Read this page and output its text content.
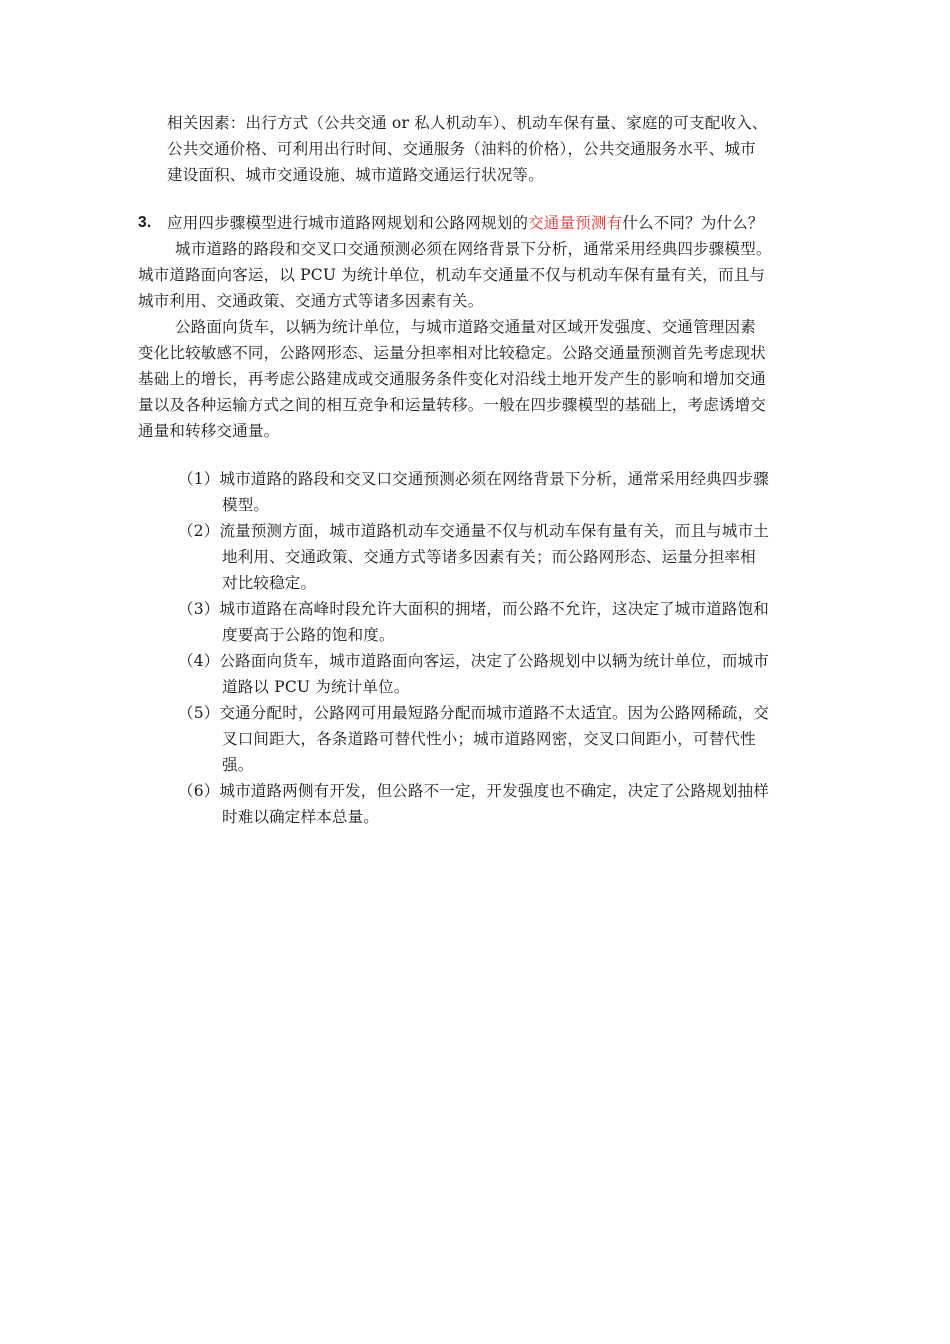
相关因素：出行方式（公共交通 or 私人机动车）、机动车保有量、家庭的可支配收入、
公共交通价格、可利用出行时间、交通服务（油料的价格），公共交通服务水平、城市
建设面积、城市交通设施、城市道路交通运行状况等。
3. 应用四步骤模型进行城市道路网规划和公路网规划的交通量预测有什么不同？为什么？
城市道路的路段和交叉口交通预测必须在网络背景下分析，通常采用经典四步骤模型。
城市道路面向客运，以 PCU 为统计单位，机动车交通量不仅与机动车保有量有关，而且与
城市利用、交通政策、交通方式等诸多因素有关。
公路面向货车，以辆为统计单位，与城市道路交通量对区域开发强度、交通管理因素
变化比较敏感不同，公路网形态、运量分担率相对比较稳定。公路交通量预测首先考虑现状
基础上的增长，再考虑公路建成或交通服务条件变化对沿线土地开发产生的影响和增加交通
量以及各种运输方式之间的相互竞争和运量转移。一般在四步骤模型的基础上，考虑诱增交
通量和转移交通量。
（1）城市道路的路段和交叉口交通预测必须在网络背景下分析，通常采用经典四步骤
模型。
（2）流量预测方面，城市道路机动车交通量不仅与机动车保有量有关，而且与城市土
地利用、交通政策、交通方式等诸多因素有关；而公路网形态、运量分担率相
对比较稳定。
（3）城市道路在高峰时段允许大面积的拥堵，而公路不允许，这决定了城市道路饱和
度要高于公路的饱和度。
（4）公路面向货车，城市道路面向客运，决定了公路规划中以辆为统计单位，而城市
道路以 PCU 为统计单位。
（5）交通分配时，公路网可用最短路分配而城市道路不太适宜。因为公路网稀疏，交
叉口间距大，各条道路可替代性小；城市道路网密，交叉口间距小，可替代性
强。
（6）城市道路两侧有开发，但公路不一定，开发强度也不确定，决定了公路规划抽样
时难以确定样本总量。
